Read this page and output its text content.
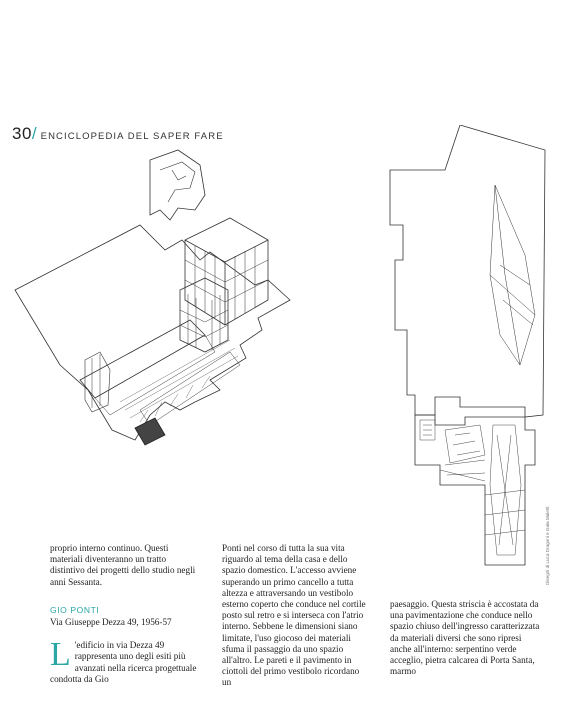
30 / ENCICLOPEDIA DEL SAPER FARE
Disegni di Luca Dragoni e Gaia Maletti

proprio interno continuo. Questi materiali diventeranno un tratto distintivo dei progetti dello studio negli anni Sessanta.

GIO PONTI

Via Giuseppe Dezza 49, 1956-57

L 'edificio in via Dezza 49 rappresenta uno degli esiti più avanzati nella ricerca progettuale condotta da Gio

Ponti nel corso di tutta la sua vita riguardo al tema della casa e dello spazio domestico. L'accesso avviene superando un primo cancello a tutta altezza e attraversando un vestibolo esterno coperto che conduce nel cortile posto sul retro e si interseca con l'atrio interno. Sebbene le dimensioni siano limitate, l'uso giocoso dei materiali sfuma il passaggio da uno spazio all'altro. Le pareti e il pavimento in ciottoli del primo vestibolo ricordano un

paesaggio. Questa striscia è accostata da una pavimentazione che conduce nello spazio chiuso dell'ingresso caratterizzata da materiali diversi che sono ripresi anche all'interno: serpentino verde acceglio, pietra calcarea di Porta Santa, marmo
